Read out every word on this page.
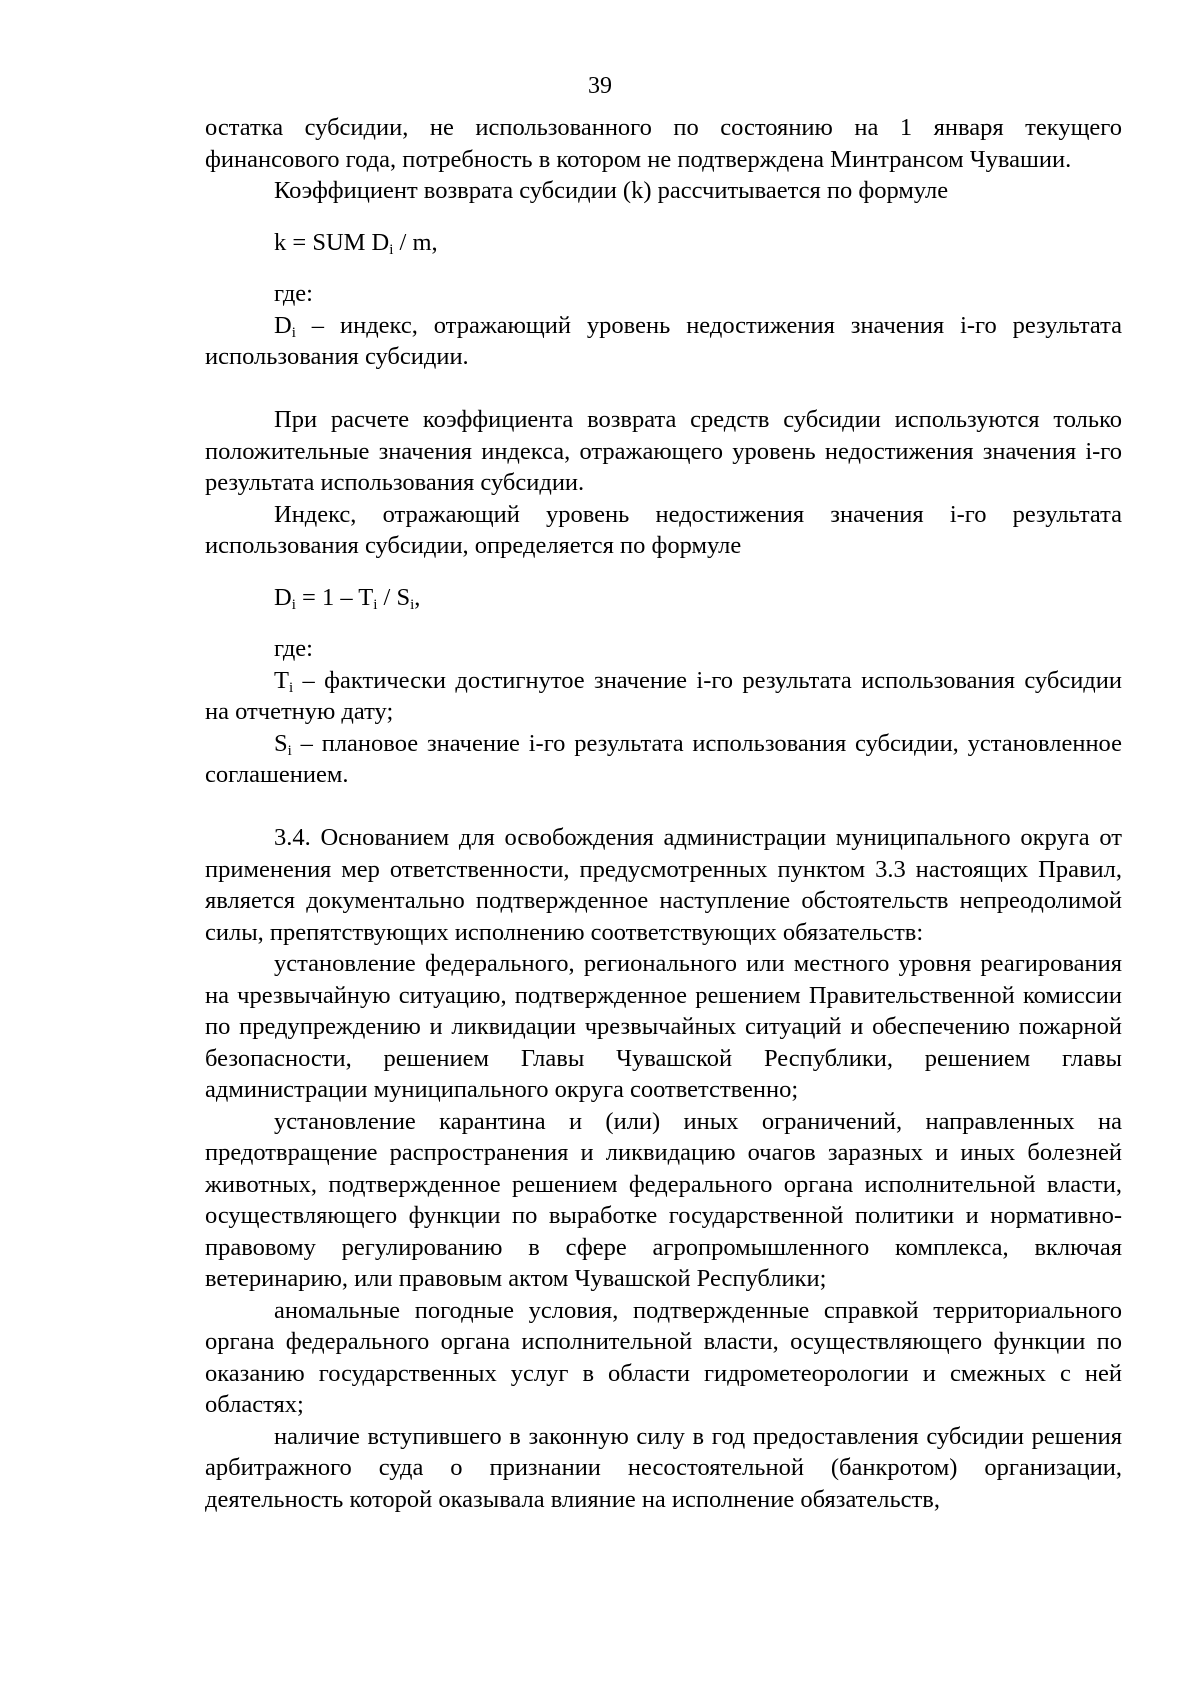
39

остатка субсидии, не использованного по состоянию на 1 января текущего финансового года, потребность в котором не подтверждена Минтрансом Чувашии.

Коэффициент возврата субсидии (k) рассчитывается по формуле

k = SUM $D_i$ / m,

где:

$D_i$ – индекс, отражающий уровень недостижения значения i-го результата использования субсидии.

При расчете коэффициента возврата средств субсидии используются только положительные значения индекса, отражающего уровень недостижения значения i-го результата использования субсидии.

Индекс, отражающий уровень недостижения значения i-го результата использования субсидии, определяется по формуле

$D_i = 1 - T_i / S_i$,

где:

$T_i$ – фактически достигнутое значение i-го результата использования субсидии на отчетную дату;

$S_i$ – плановое значение i-го результата использования субсидии, установленное соглашением.

3.4. Основанием для освобождения администрации муниципального округа от применения мер ответственности, предусмотренных пунктом 3.3 настоящих Правил, является документально подтвержденное наступление обстоятельств непреодолимой силы, препятствующих исполнению соответствующих обязательств:

установление федерального, регионального или местного уровня реагирования на чрезвычайную ситуацию, подтвержденное решением Правительственной комиссии по предупреждению и ликвидации чрезвычайных ситуаций и обеспечению пожарной безопасности, решением Главы Чувашской Республики, решением главы администрации муниципального округа соответственно;

установление карантина и (или) иных ограничений, направленных на предотвращение распространения и ликвидацию очагов заразных и иных болезней животных, подтвержденное решением федерального органа исполнительной власти, осуществляющего функции по выработке государственной политики и нормативно-правовому регулированию в сфере агропромышленного комплекса, включая ветеринарию, или правовым актом Чувашской Республики;

аномальные погодные условия, подтвержденные справкой территориального органа федерального органа исполнительной власти, осуществляющего функции по оказанию государственных услуг в области гидрометеорологии и смежных с ней областях;

наличие вступившего в законную силу в год предоставления субсидии решения арбитражного суда о признании несостоятельной (банкротом) организации, деятельность которой оказывала влияние на исполнение обязательств,
